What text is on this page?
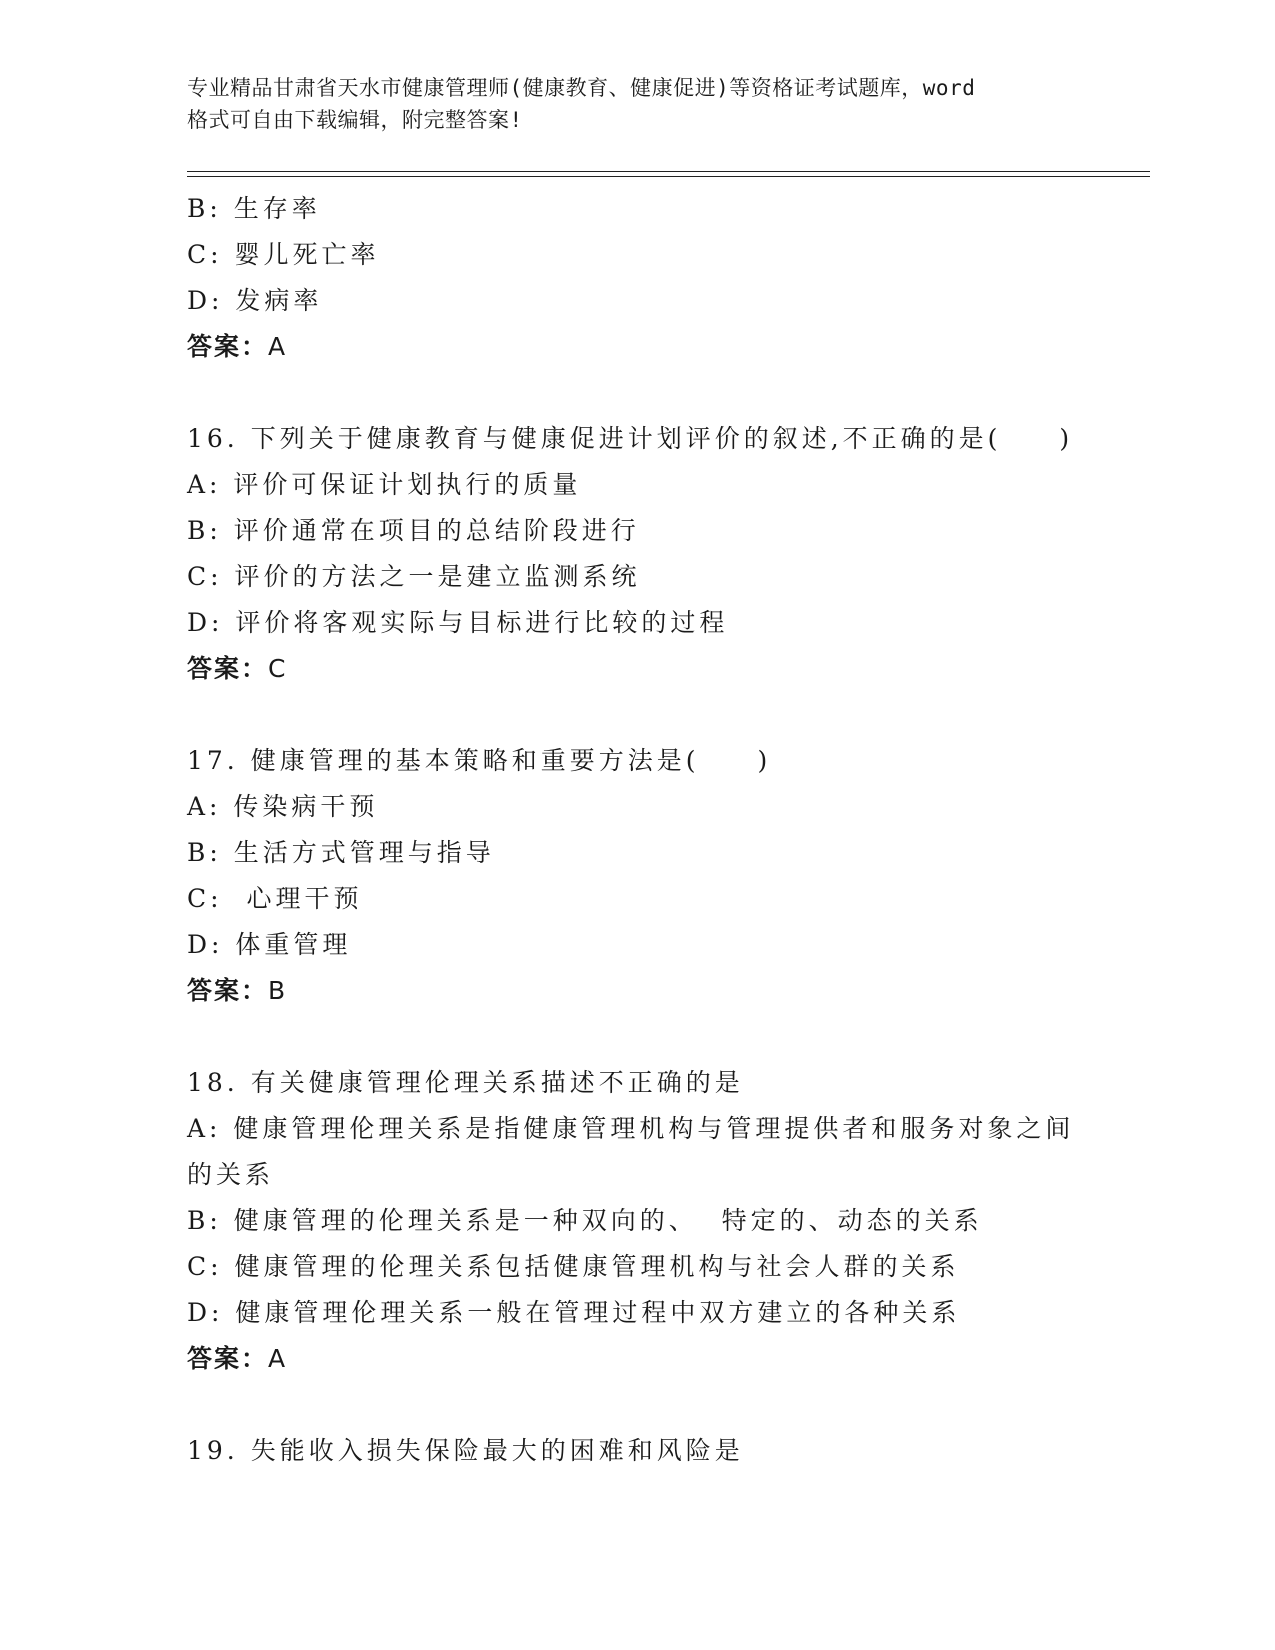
专业精品甘肃省天水市健康管理师(健康教育、健康促进)等资格证考试题库，word
格式可自由下载编辑，附完整答案!
B: 生存率
C: 婴儿死亡率
D: 发病率
答案：A
16. 下列关于健康教育与健康促进计划评价的叙述,不正确的是(　　)
A: 评价可保证计划执行的质量
B: 评价通常在项目的总结阶段进行
C: 评价的方法之一是建立监测系统
D: 评价将客观实际与目标进行比较的过程
答案：C
17. 健康管理的基本策略和重要方法是(　　)
A: 传染病干预
B: 生活方式管理与指导
C:  心理干预
D: 体重管理
答案：B
18. 有关健康管理伦理关系描述不正确的是
A: 健康管理伦理关系是指健康管理机构与管理提供者和服务对象之间的关系
B: 健康管理的伦理关系是一种双向的、  特定的、动态的关系
C: 健康管理的伦理关系包括健康管理机构与社会人群的关系
D: 健康管理伦理关系一般在管理过程中双方建立的各种关系
答案：A
19. 失能收入损失保险最大的困难和风险是
